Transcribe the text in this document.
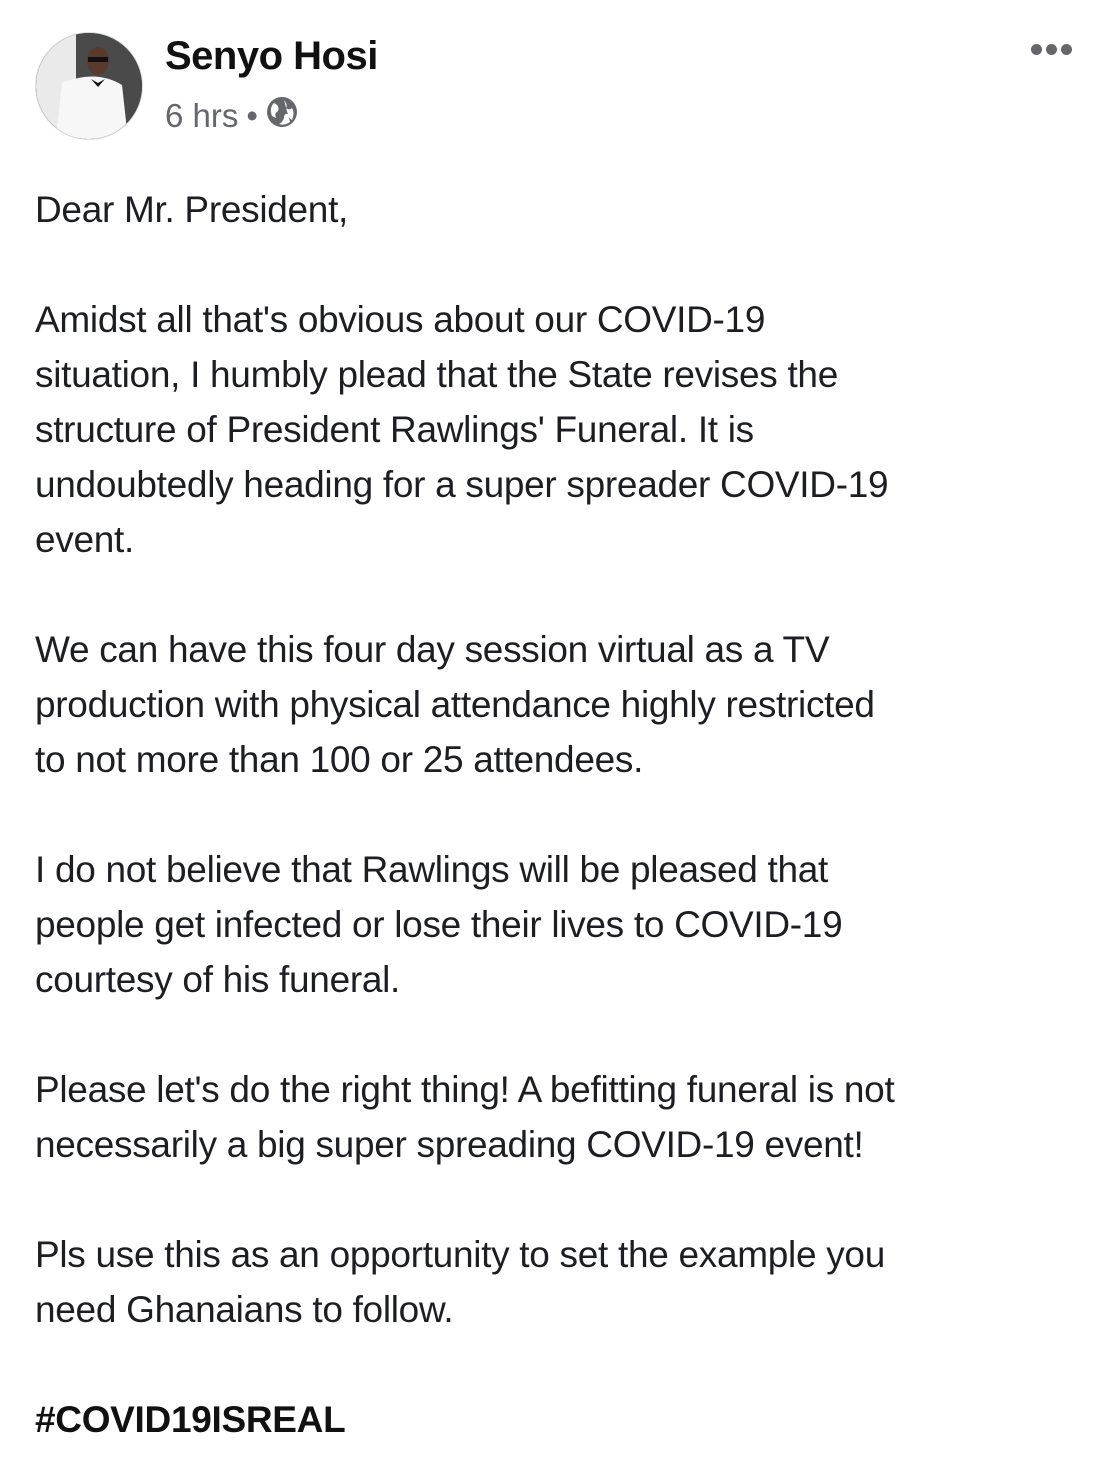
Senyo Hosi
6 hrs •
Dear Mr. President,
Amidst all that's obvious about our COVID-19
situation, I humbly plead that the State revises the
structure of President Rawlings' Funeral. It is
undoubtedly heading for a super spreader COVID-19
event.
We can have this four day session virtual as a TV
production with physical attendance highly restricted
to not more than 100 or 25 attendees.
I do not believe that Rawlings will be pleased that
people get infected or lose their lives to COVID-19
courtesy of his funeral.
Please let's do the right thing! A befitting funeral is not
necessarily a big super spreading COVID-19 event!
Pls use this as an opportunity to set the example you
need Ghanaians to follow.
#COVID19ISREAL
